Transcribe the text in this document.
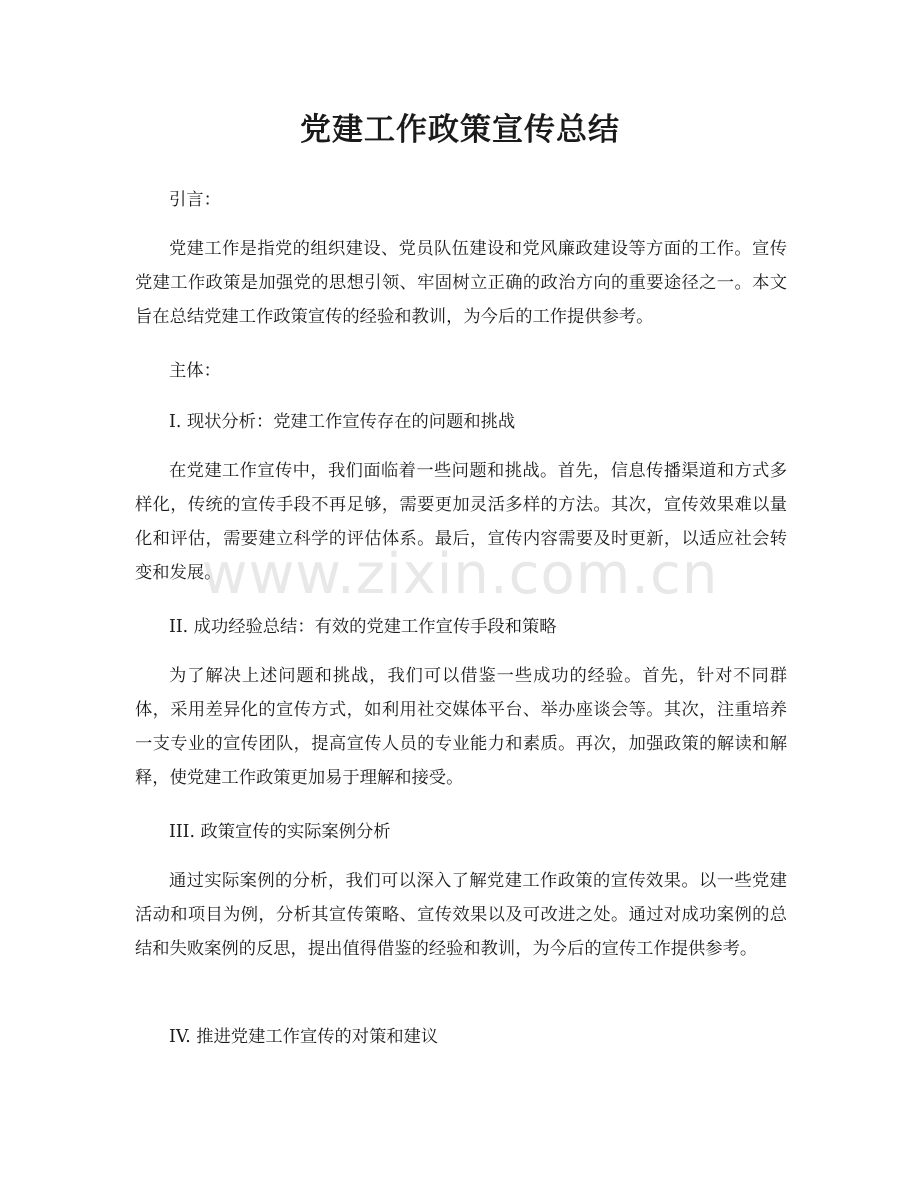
党建工作政策宣传总结

引言：

党建工作是指党的组织建设、党员队伍建设和党风廉政建设等方面的工作。宣传党建工作政策是加强党的思想引领、牢固树立正确的政治方向的重要途径之一。本文旨在总结党建工作政策宣传的经验和教训，为今后的工作提供参考。

主体：

I. 现状分析：党建工作宣传存在的问题和挑战

在党建工作宣传中，我们面临着一些问题和挑战。首先，信息传播渠道和方式多样化，传统的宣传手段不再足够，需要更加灵活多样的方法。其次，宣传效果难以量化和评估，需要建立科学的评估体系。最后，宣传内容需要及时更新，以适应社会转变和发展。

II. 成功经验总结：有效的党建工作宣传手段和策略

为了解决上述问题和挑战，我们可以借鉴一些成功的经验。首先，针对不同群体，采用差异化的宣传方式，如利用社交媒体平台、举办座谈会等。其次，注重培养一支专业的宣传团队，提高宣传人员的专业能力和素质。再次，加强政策的解读和解释，使党建工作政策更加易于理解和接受。

III. 政策宣传的实际案例分析

通过实际案例的分析，我们可以深入了解党建工作政策的宣传效果。以一些党建活动和项目为例，分析其宣传策略、宣传效果以及可改进之处。通过对成功案例的总结和失败案例的反思，提出值得借鉴的经验和教训，为今后的宣传工作提供参考。

IV. 推进党建工作宣传的对策和建议

www.zixin.com.cn
